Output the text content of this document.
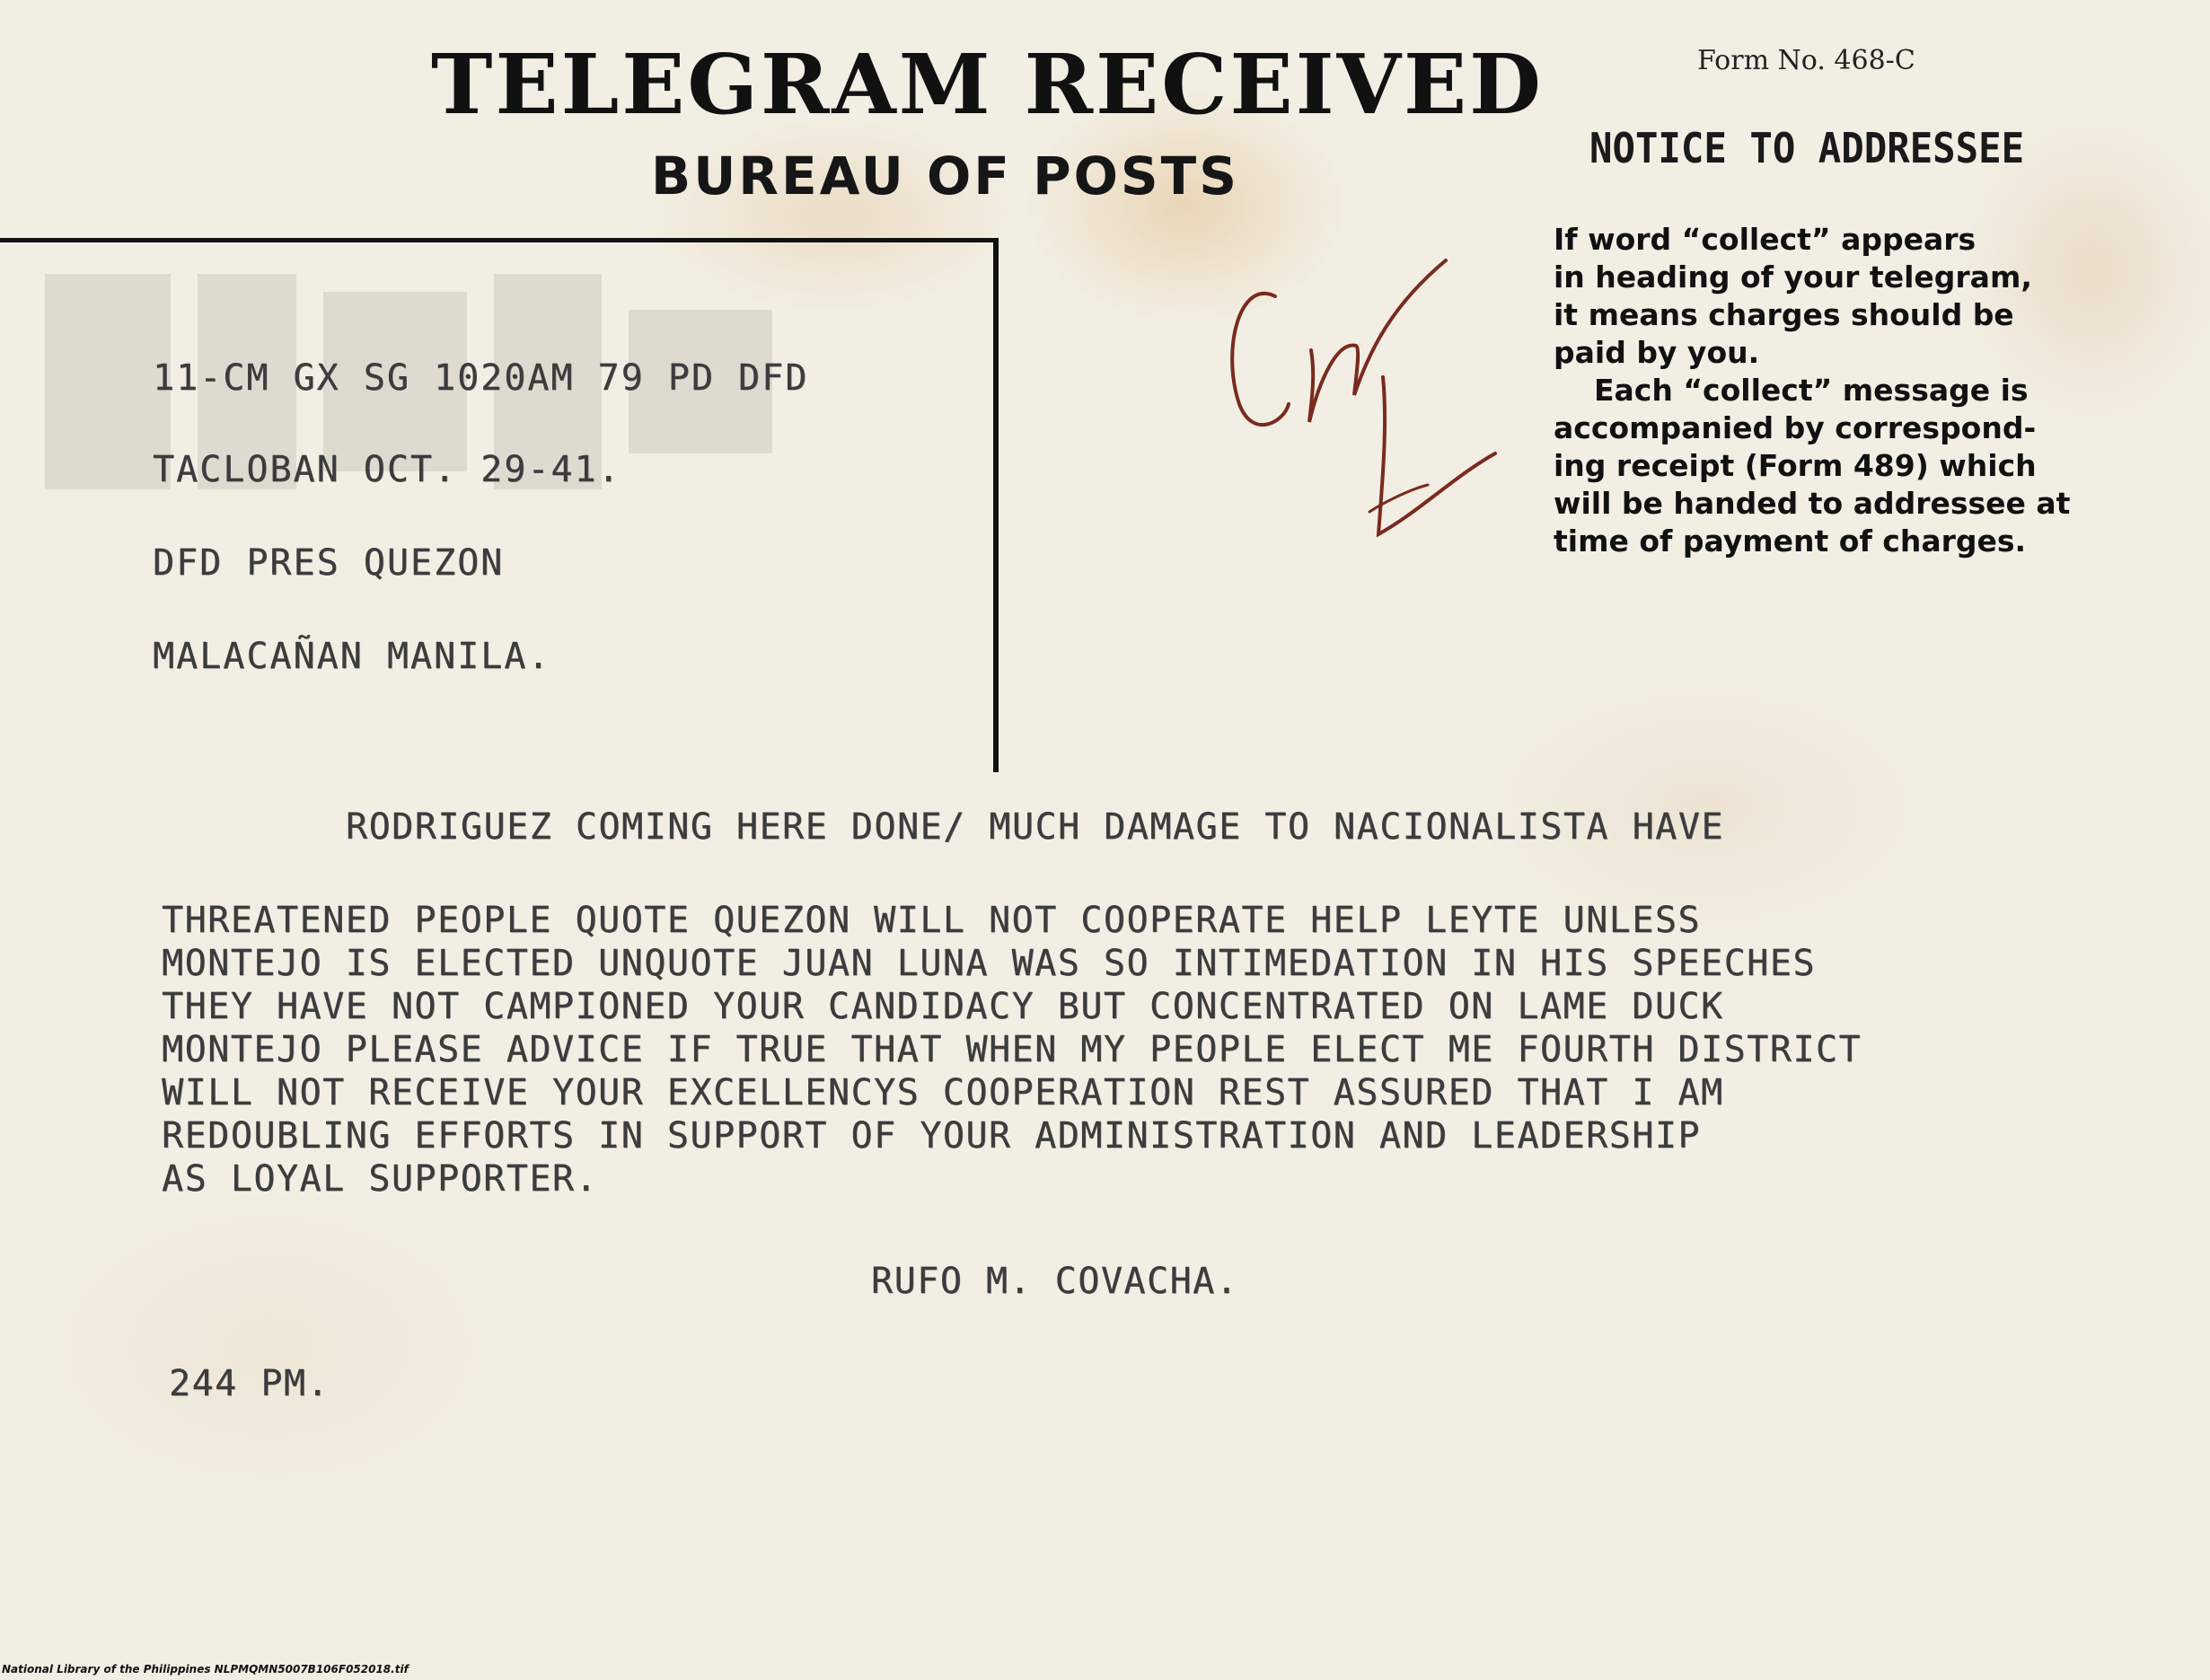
TELEGRAM RECEIVED
BUREAU OF POSTS
Form No. 468-C
NOTICE TO ADDRESSEE
If word “collect” appears
in heading of your telegram,
it means charges should be
paid by you.
Each “collect” message is
accompanied by correspond-
ing receipt (Form 489) which
will be handed to addressee at
time of payment of charges.
11-CM GX SG 1020AM 79 PD DFD
TACLOBAN OCT. 29-41.
DFD PRES QUEZON
MALACAÑAN MANILA.
RODRIGUEZ COMING HERE DONE/ MUCH DAMAGE TO NACIONALISTA HAVE
THREATENED PEOPLE QUOTE QUEZON WILL NOT COOPERATE HELP LEYTE UNLESS
MONTEJO IS ELECTED UNQUOTE JUAN LUNA WAS SO INTIMEDATION IN HIS SPEECHES
THEY HAVE NOT CAMPIONED YOUR CANDIDACY BUT CONCENTRATED ON LAME DUCK
MONTEJO PLEASE ADVICE IF TRUE THAT WHEN MY PEOPLE ELECT ME FOURTH DISTRICT
WILL NOT RECEIVE YOUR EXCELLENCYS COOPERATION REST ASSURED THAT I AM
REDOUBLING EFFORTS IN SUPPORT OF YOUR ADMINISTRATION AND LEADERSHIP
AS LOYAL SUPPORTER.
RUFO M. COVACHA.
244 PM.
National Library of the Philippines NLPMQMN5007B106F052018.tif
